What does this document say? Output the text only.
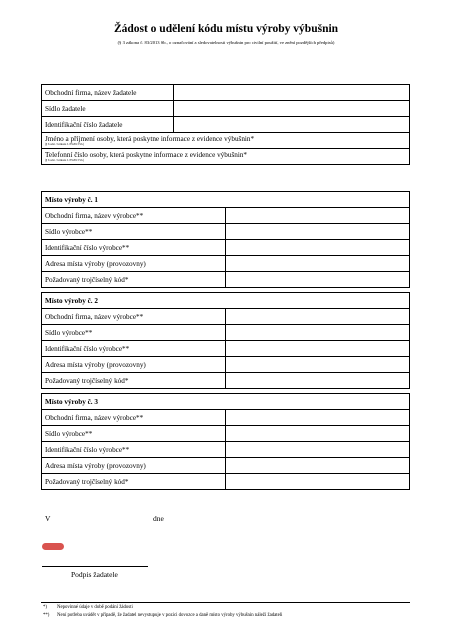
Žádost o udělení kódu místu výroby výbušnin
(§ 3 zákona č. 83/2013 Sb., o označování a sledovatelnosti výbušnin pro civilní použití, ve znění pozdějších předpisů)
Obchodní firma, název žadatele	
Sídlo žadatele	
Identifikační číslo žadatele	
Jméno a příjmení osoby, která poskytne informace z evidence výbušnin*
(§ 6 odst. 3 zákona č. 83/2013 Sb.)	

Telefonní číslo osoby, která poskytne informace z evidence výbušnin*
(§ 6 odst. 3 zákona č. 83/2013 Sb.)	
Místo výroby č. 1	
Obchodní firma, název výrobce**	
Sídlo výrobce**	
Identifikační číslo výrobce**	
Adresa místa výroby (provozovny)	
Požadovaný trojčíselný kód*	
Místo výroby č. 2	
Obchodní firma, název výrobce**	
Sídlo výrobce**	
Identifikační číslo výrobce**	
Adresa místa výroby (provozovny)	
Požadovaný trojčíselný kód*	
Místo výroby č. 3	
Obchodní firma, název výrobce**	
Sídlo výrobce**	
Identifikační číslo výrobce**	
Adresa místa výroby (provozovny)	
Požadovaný trojčíselný kód*	
V	dne
Podpis žadatele
*) Nepovinné údaje v době podání žádosti
**) Není potřeba uvádět v případě, že žadatel nevystupuje v pozici dovozce a daně místo výroby výbušnin náleží žadateli
